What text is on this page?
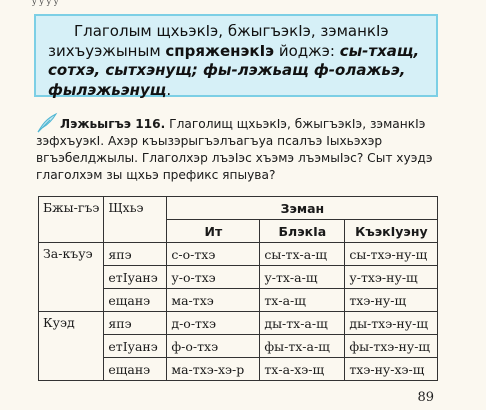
у у у у
Глаголым щхьэкIэ, бжыгъэкIэ, зэманкIэ зихъуэжыным спряженэкIэ йоджэ: сы-тхащ, сотхэ, сытхэнущ; фы-лэжьащ ф-олажьэ, фылэжьэнущ.
Лэжьыгъэ 116. Глаголищ щхьэкIэ, бжыгъэкIэ, зэманкIэ зэфхъуэкI. Ахэр къызэрыгъэлъагъуа псалъэ Iыхьэхэр вгъэбелджылы. Глаголхэр лъэIэс хъэмэ лъэмыIэс? Сыт хуэдэ глаголхэм зы щхьэ префикс япыува?
Бжы-гъэ	Щхьэ	Зэман		
		Ит	БлэкIа	КъэкIуэну
За-къуэ	япэ	с-о-тхэ	сы-тх-а-щ	сы-тхэ-ну-щ
	етIуанэ	у-о-тхэ	у-тх-а-щ	у-тхэ-ну-щ
	ещанэ	ма-тхэ	тх-а-щ	тхэ-ну-щ
Куэд	япэ	д-о-тхэ	ды-тх-а-щ	ды-тхэ-ну-щ
	етIуанэ	ф-о-тхэ	фы-тх-а-щ	фы-тхэ-ну-щ
	ещанэ	ма-тхэ-хэ-р	тх-а-хэ-щ	тхэ-ну-хэ-щ
89
